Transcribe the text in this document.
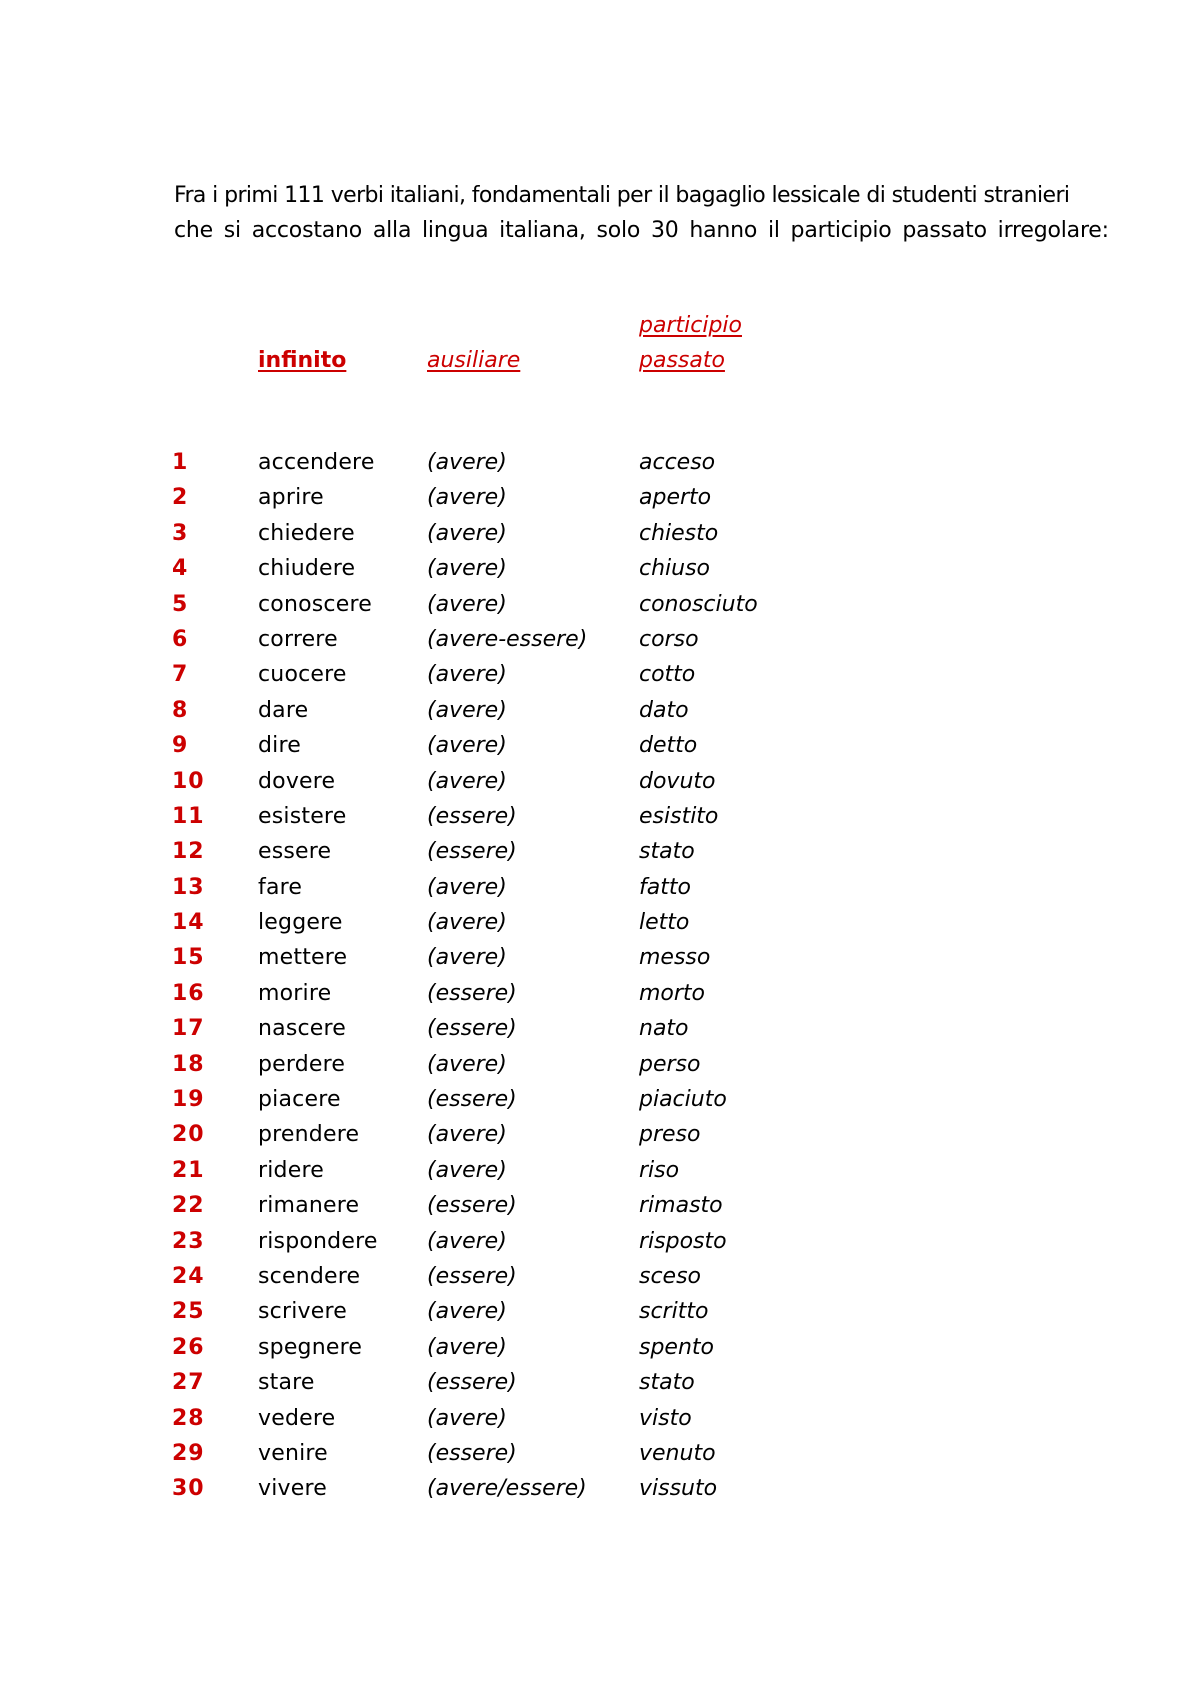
Fra i primi 111 verbi italiani, fondamentali per il bagaglio lessicale di studenti stranieri

che si accostano alla lingua italiana, solo 30 hanno il participio passato irregolare:

infinito	ausiliare
participio
passato
1	accendere (avere)	acceso
2	aprire	(avere)	aperto
3	chiedere	(avere)	chiesto
4	chiudere	(avere)	chiuso
5	conoscere	(avere)	conosciuto
6	correre	(avere-essere) corso
7	cuocere	(avere)	cotto
8	dare	(avere)	dato
9	dire	(avere)	detto
10 dovere	(avere)	dovuto
11 esistere	(essere)	esistito
12 essere	(essere)	stato
13 fare	(avere)	fatto
14 leggere	(avere)	letto
15 mettere	(avere)	messo
16 morire	(essere)	morto
17 nascere	(essere)	nato
18 perdere	(avere)	perso
19 piacere	(essere)	piaciuto
20 prendere	(avere)	preso
21 ridere	(avere)	riso
22 rimanere	(essere)	rimasto
23 rispondere (avere)	risposto
24 scendere	(essere)	sceso
25 scrivere	(avere)	scritto
26 spegnere	(avere)	spento
27 stare	(essere)	stato
28 vedere	(avere)	visto
29 venire	(essere)	venuto
30 vivere	(avere/essere) vissuto
